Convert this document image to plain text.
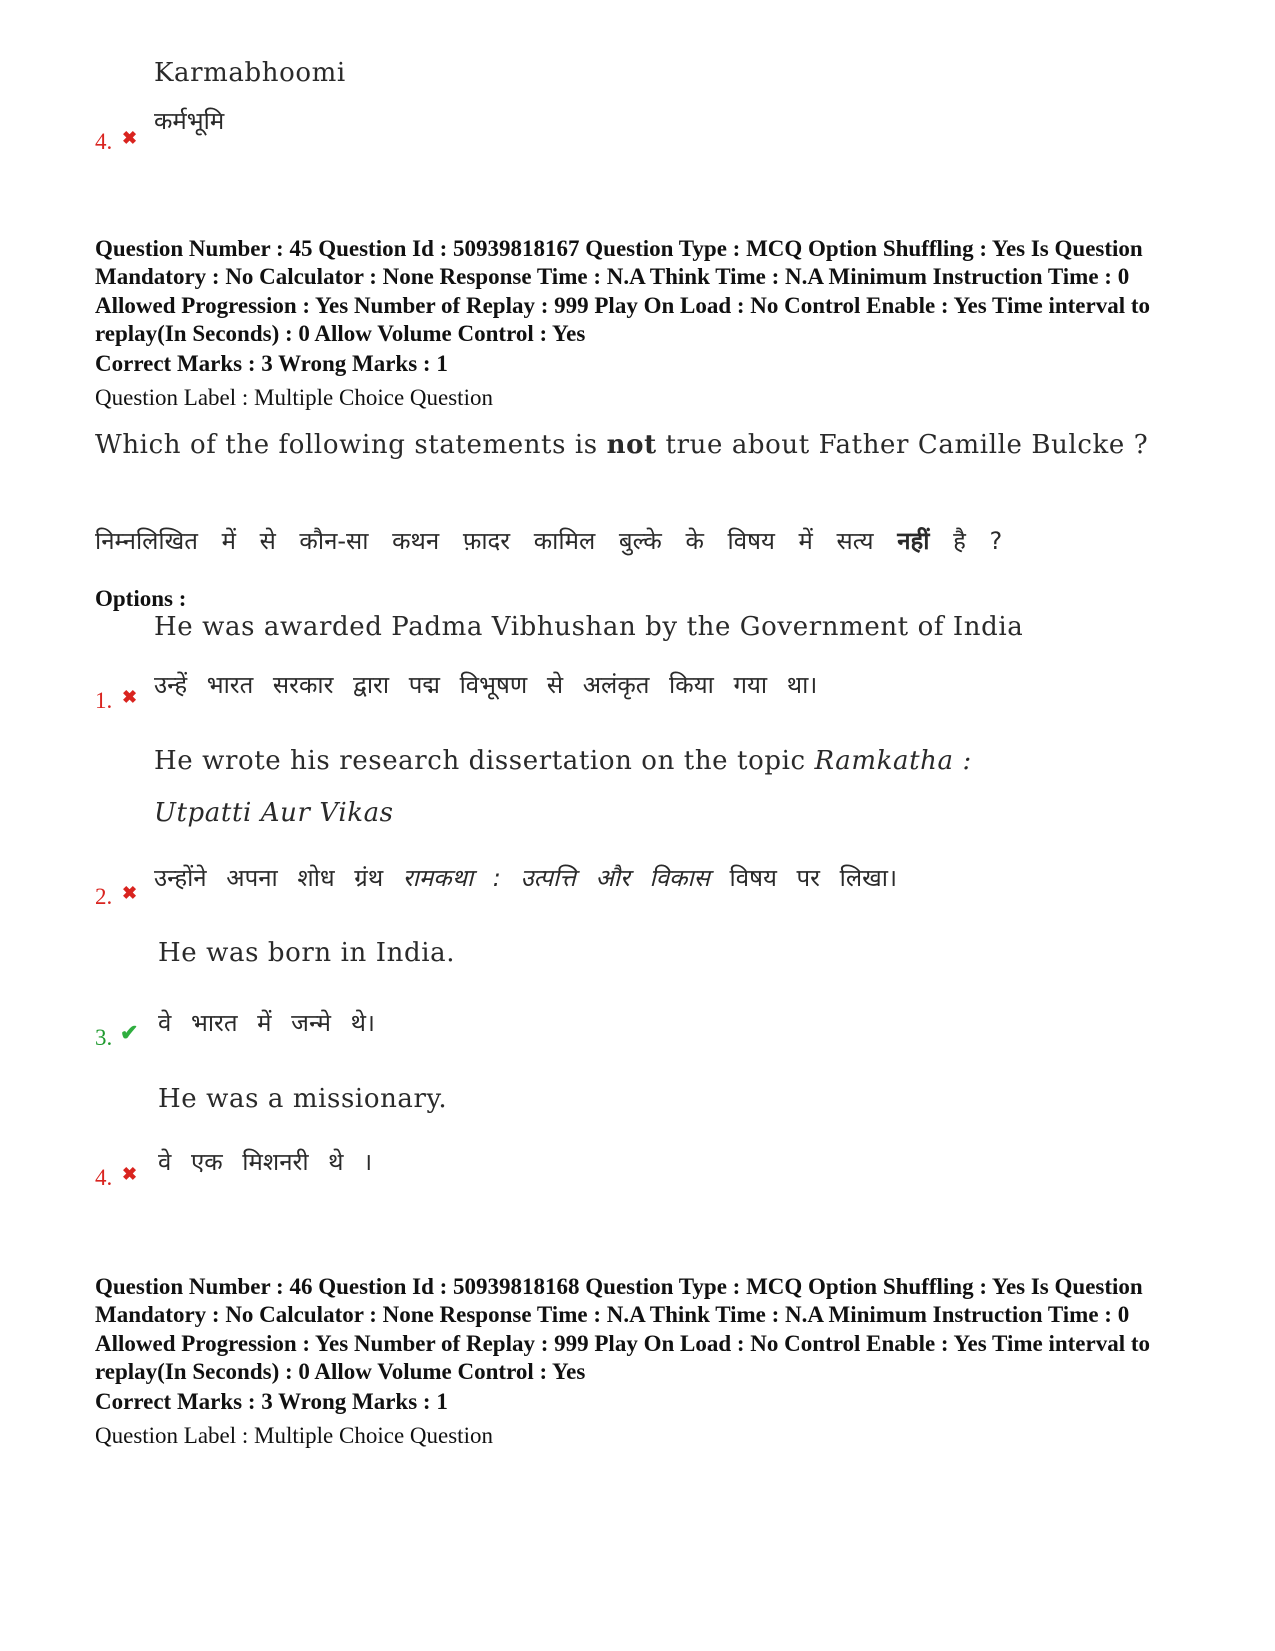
Karmabhoomi
कर्मभूमि
4. ✖
Question Number : 45 Question Id : 50939818167 Question Type : MCQ Option Shuffling : Yes Is Question Mandatory : No Calculator : None Response Time : N.A Think Time : N.A Minimum Instruction Time : 0 Allowed Progression : Yes Number of Replay : 999 Play On Load : No Control Enable : Yes Time interval to replay(In Seconds) : 0 Allow Volume Control : Yes
Correct Marks : 3 Wrong Marks : 1
Question Label : Multiple Choice Question
Which of the following statements is not true about Father Camille Bulcke ?
निम्नलिखित में से कौन-सा कथन फ़ादर कामिल बुल्के के विषय में सत्य नहीं है ?
Options :
He was awarded Padma Vibhushan by the Government of India
उन्हें भारत सरकार द्वारा पद्म विभूषण से अलंकृत किया गया था।
1. ✖
He wrote his research dissertation on the topic Ramkatha :
Utpatti Aur Vikas
उन्होंने अपना शोध ग्रंथ रामकथा : उत्पत्ति और विकास विषय पर लिखा।
2. ✖
He was born in India.
वे भारत में जन्मे थे।
3. ✔
He was a missionary.
वे एक मिशनरी थे ।
4. ✖
Question Number : 46 Question Id : 50939818168 Question Type : MCQ Option Shuffling : Yes Is Question Mandatory : No Calculator : None Response Time : N.A Think Time : N.A Minimum Instruction Time : 0 Allowed Progression : Yes Number of Replay : 999 Play On Load : No Control Enable : Yes Time interval to replay(In Seconds) : 0 Allow Volume Control : Yes
Correct Marks : 3 Wrong Marks : 1
Question Label : Multiple Choice Question
